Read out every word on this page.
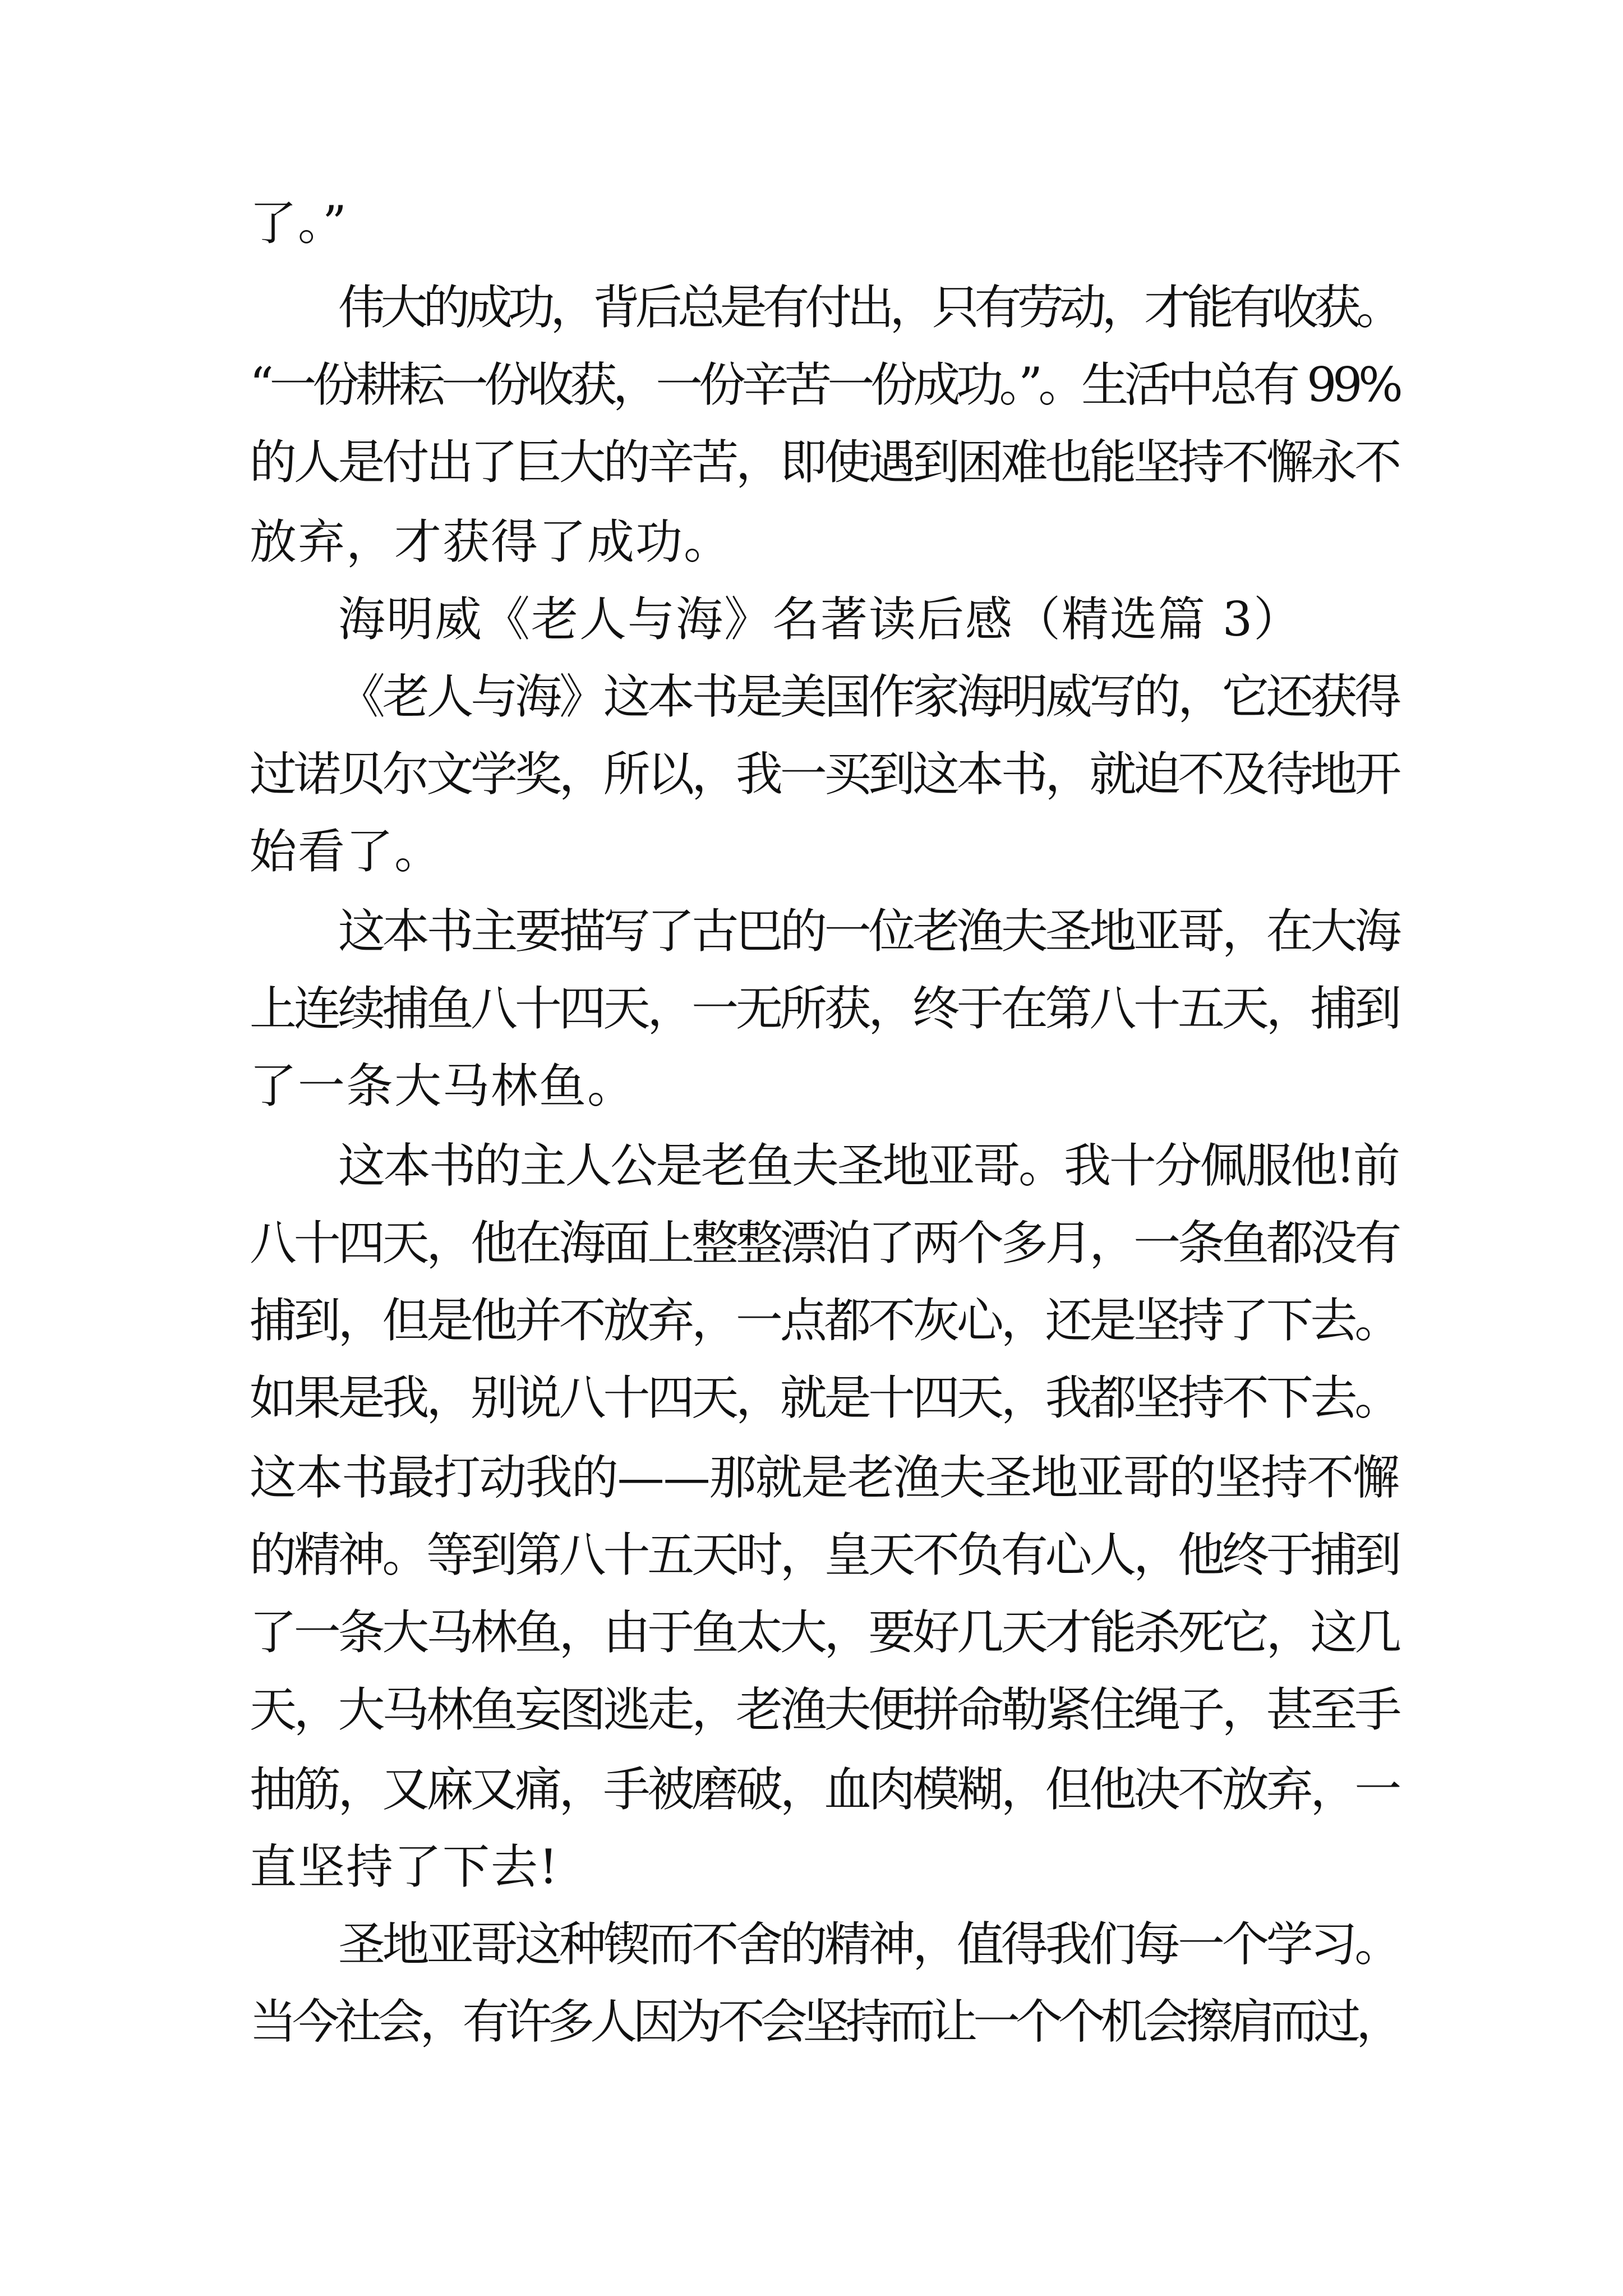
了。”
伟大的成功，背后总是有付出，只有劳动，才能有收获。
“一份耕耘一份收获，一份辛苦一份成功。”。生活中总有 99%
的人是付出了巨大的辛苦，即使遇到困难也能坚持不懈永不
放弃，才获得了成功。
海明威《老人与海》名著读后感（精选篇 3）
《老人与海》这本书是美国作家海明威写的，它还获得
过诺贝尔文学奖，所以，我一买到这本书，就迫不及待地开
始看了。
这本书主要描写了古巴的一位老渔夫圣地亚哥，在大海
上连续捕鱼八十四天，一无所获，终于在第八十五天，捕到
了一条大马林鱼。
这本书的主人公是老鱼夫圣地亚哥。我十分佩服他!前
八十四天，他在海面上整整漂泊了两个多月，一条鱼都没有
捕到，但是他并不放弃，一点都不灰心，还是坚持了下去。
如果是我，别说八十四天，就是十四天，我都坚持不下去。
这本书最打动我的——那就是老渔夫圣地亚哥的坚持不懈
的精神。等到第八十五天时，皇天不负有心人，他终于捕到
了一条大马林鱼，由于鱼太大，要好几天才能杀死它，这几
天，大马林鱼妄图逃走，老渔夫便拼命勒紧住绳子，甚至手
抽筋，又麻又痛，手被磨破，血肉模糊，但他决不放弃，一
直坚持了下去!
圣地亚哥这种锲而不舍的精神，值得我们每一个学习。
当今社会，有许多人因为不会坚持而让一个个机会擦肩而过，
